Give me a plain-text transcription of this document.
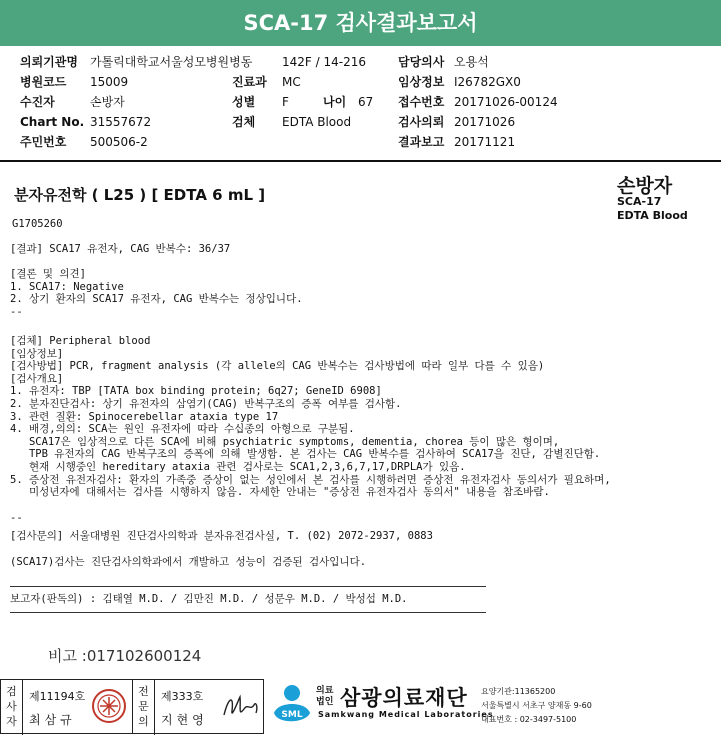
SCA-17 검사결과보고서
의뢰기관명 가톨릭대학교서울성모병원병동 142F / 14-216	담당의사 오용석
병원코드 15009	진료과 MC	임상정보 I26782GX0
수진자	손방자	성별 F	나이 67 접수번호 20171026-00124
Chart No. 31557672	검체 EDTA Blood	검사의뢰 20171026
주민번호 500506-2	결과보고 20171121
분자유전학 ( L25 ) [ EDTA 6 mL ]	손방자
SCA-17
EDTA Blood
G1705260
[결과] SCA17 유전자, CAG 반복수: 36/37
[결론 및 의견]
1. SCA17: Negative
2. 상기 환자의 SCA17 유전자, CAG 반복수는 정상입니다.
--
[검체] Peripheral blood
[임상정보]
[검사방법] PCR, fragment analysis (각 allele의 CAG 반복수는 검사방법에 따라 일부 다를 수 있음)
[검사개요]
1. 유전자: TBP [TATA box binding protein; 6q27; GeneID 6908]
2. 분자진단검사: 상기 유전자의 삼염기(CAG) 반복구조의 증폭 여부를 검사함.
3. 관련 질환: Spinocerebellar ataxia type 17
4. 배경,의의: SCA는 원인 유전자에 따라 수십종의 아형으로 구분됨.
SCA17은 임상적으로 다른 SCA에 비해 psychiatric symptoms, dementia, chorea 등이 많은 형이며,
TPB 유전자의 CAG 반복구조의 증폭에 의해 발생함. 본 검사는 CAG 반복수를 검사하여 SCA17을 진단, 감별진단함.
현재 시행중인 hereditary ataxia 관련 검사로는 SCA1,2,3,6,7,17,DRPLA가 있음.
5. 증상전 유전자검사: 환자의 가족중 증상이 없는 성인에서 본 검사를 시행하려면 증상전 유전자검사 동의서가 필요하며,
미성년자에 대해서는 검사를 시행하지 않음. 자세한 안내는 "증상전 유전자검사 동의서" 내용을 참조바람.
--
[검사문의] 서울대병원 진단검사의학과 분자유전검사실, T. (02) 2072-2937, 0883
(SCA17)검사는 진단검사의학과에서 개발하고 성능이 검증된 검사입니다.
보고자(판독의) : 김태열 M.D. / 김만진 M.D. / 성문우 M.D. / 박성섭 M.D.
비고 :017102600124
검사자
제11194호
최삼규
전문의
제333호
지현영	SML
의료
법인 삼광의료재단
Samkwang Medical Laboratories
요양기관:11365200
서울특별시 서초구 양재동 9-60
대표번호 : 02-3497-5100
